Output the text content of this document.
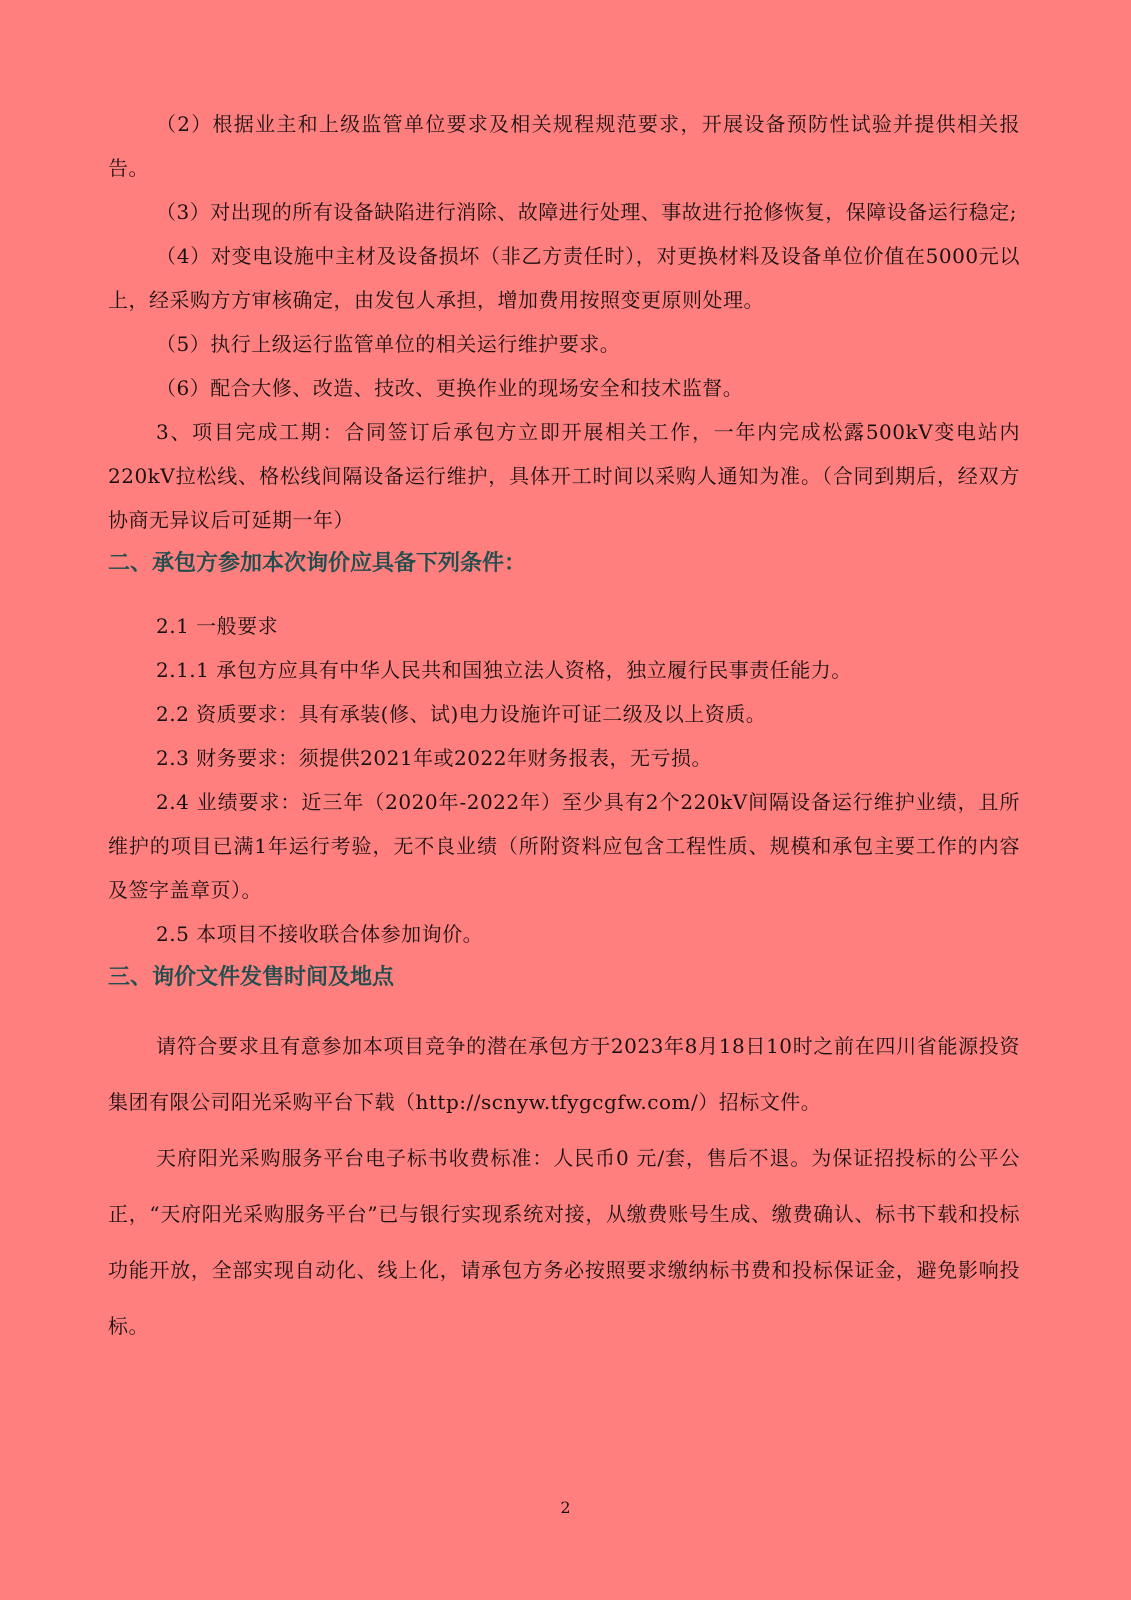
（2）根据业主和上级监管单位要求及相关规程规范要求，开展设备预防性试验并提供相关报告。

（3）对出现的所有设备缺陷进行消除、故障进行处理、事故进行抢修恢复，保障设备运行稳定;

（4）对变电设施中主材及设备损坏（非乙方责任时），对更换材料及设备单位价值在5000元以上，经采购方方审核确定，由发包人承担，增加费用按照变更原则处理。

（5）执行上级运行监管单位的相关运行维护要求。

（6）配合大修、改造、技改、更换作业的现场安全和技术监督。

3、项目完成工期：合同签订后承包方立即开展相关工作，一年内完成松露500kV变电站内220kV拉松线、格松线间隔设备运行维护，具体开工时间以采购人通知为准。（合同到期后，经双方协商无异议后可延期一年）

二、承包方参加本次询价应具备下列条件：

2.1 一般要求

2.1.1 承包方应具有中华人民共和国独立法人资格，独立履行民事责任能力。

2.2 资质要求：具有承装(修、试)电力设施许可证二级及以上资质。

2.3 财务要求：须提供2021年或2022年财务报表，无亏损。

2.4 业绩要求：近三年（2020年-2022年）至少具有2个220kV间隔设备运行维护业绩，且所维护的项目已满1年运行考验，无不良业绩（所附资料应包含工程性质、规模和承包主要工作的内容及签字盖章页）。

2.5 本项目不接收联合体参加询价。

三、询价文件发售时间及地点

请符合要求且有意参加本项目竞争的潜在承包方于2023年8月18日10时之前在四川省能源投资集团有限公司阳光采购平台下载（http://scnyw.tfygcgfw.com/）招标文件。

天府阳光采购服务平台电子标书收费标准：人民币0 元/套，售后不退。为保证招投标的公平公正，“天府阳光采购服务平台”已与银行实现系统对接，从缴费账号生成、缴费确认、标书下载和投标功能开放，全部实现自动化、线上化，请承包方务必按照要求缴纳标书费和投标保证金，避免影响投标。

2
